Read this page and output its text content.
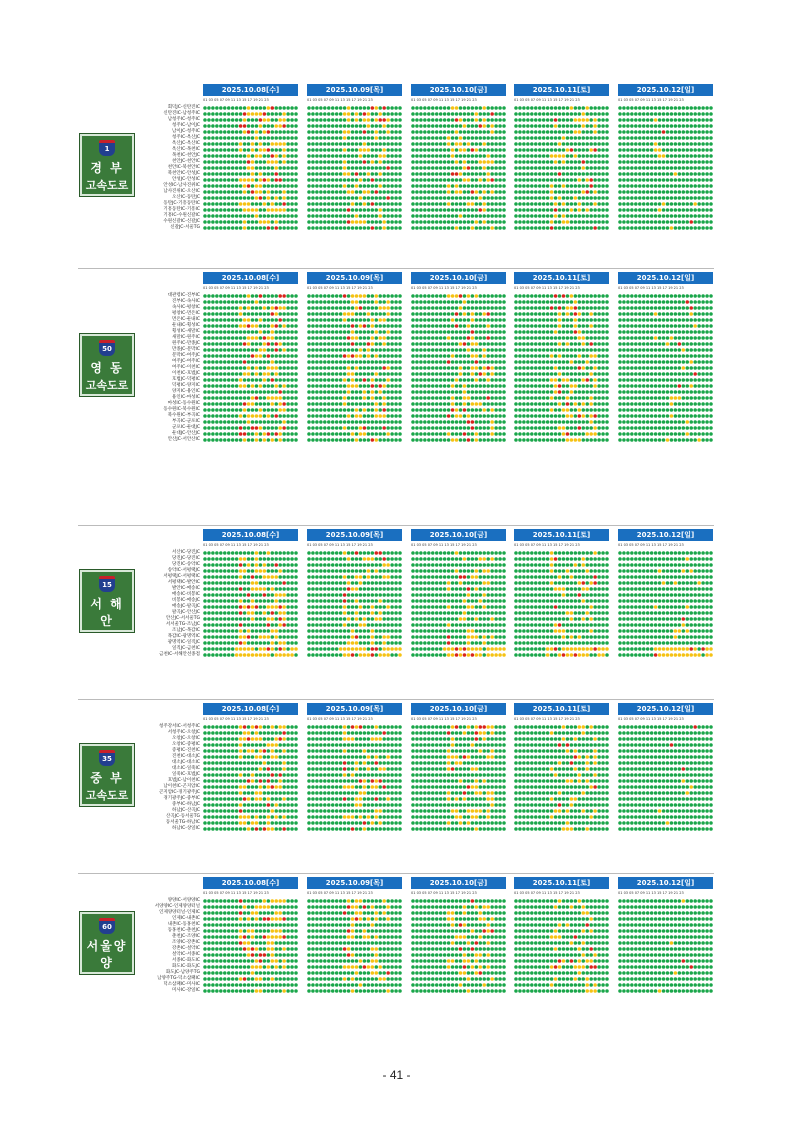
1
경 부
고속도로
회덕JC-신탄진IC
신탄진IC-남청주IC
남청주IC-청주IC
청주IC-남이JC
남이JC-청주IC
청주IC-옥산JC
옥산JC-옥산IC
옥산IC-목천IC
목천IC-천안JC
천안JC-천안IC
천안IC-북천안IC
북천안IC-안성JC
안성JC-안성IC
안성IC-남사진위IC
남사진위IC-오산IC
오산IC-동탄JC
동탄JC-기흥동탄IC
기흥동탄IC-기흥IC
기흥IC-수원신갈IC
수원신갈IC-신갈JC
신갈JC-서울TG
2025.10.08[수]
01 03 05 07 09 11 13 15 17 19 21 23
2025.10.09[목]
01 03 05 07 09 11 13 15 17 19 21 23
2025.10.10[금]
01 03 05 07 09 11 13 15 17 19 21 23
2025.10.11[토]
01 03 05 07 09 11 13 15 17 19 21 23
2025.10.12[일]
01 03 05 07 09 11 13 15 17 19 21 23
50
영 동
고속도로
대관령IC-진부IC
진부IC-속사IC
속사IC-평창IC
평창IC-면온IC
면온IC-둔내IC
둔내IC-횡성IC
횡성IC-새말IC
새말IC-원주IC
원주IC-만종JC
만종JC-문막IC
문막IC-여주JC
여주JC-여주IC
여주IC-이천IC
이천IC-호법JC
호법JC-덕평IC
덕평IC-양지IC
양지IC-용인IC
용인IC-마성IC
마성IC-동수원IC
동수원IC-북수원IC
북수원IC-부곡IC
부곡IC-군포IC
군포IC-둔대JC
둔대JC-안산JC
안산JC-서안산IC
2025.10.08[수]
01 03 05 07 09 11 13 15 17 19 21 23
2025.10.09[목]
01 03 05 07 09 11 13 15 17 19 21 23
2025.10.10[금]
01 03 05 07 09 11 13 15 17 19 21 23
2025.10.11[토]
01 03 05 07 09 11 13 15 17 19 21 23
2025.10.12[일]
01 03 05 07 09 11 13 15 17 19 21 23
15
서 해 안
고속도로
서산IC-당진JC
당진JC-당진IC
당진IC-송악IC
송악IC-서평택JC
서평택JC-서평택IC
서평택IC-발안IC
발안IC-매송IC
매송IC-비봉IC
비봉IC-매송JC
매송JC-팔곡JC
팔곡JC-안산JC
안산JC-서서울TG
서서울TG-조남JC
조남JC-목감IC
목감IC-광명역IC
광명역IC-일직JC
일직JC-금천IC
금천IC-서해안선종점
2025.10.08[수]
01 03 05 07 09 11 13 15 17 19 21 23
2025.10.09[목]
01 03 05 07 09 11 13 15 17 19 21 23
2025.10.10[금]
01 03 05 07 09 11 13 15 17 19 21 23
2025.10.11[토]
01 03 05 07 09 11 13 15 17 19 21 23
2025.10.12[일]
01 03 05 07 09 11 13 15 17 19 21 23
35
중 부
고속도로
청주강서IC-서청주IC
서청주IC-오창JC
오창JC-오창IC
오창IC-증평IC
증평IC-진천IC
진천IC-대소JC
대소JC-대소IC
대소IC-일죽IC
일죽IC-호법JC
호법JC-남이천IC
남이천IC-곤지암IC
곤지암IC-경기광주JC
경기광주JC-중부IC
중부IC-하남JC
하남JC-산곡JC
산곡JC-동서울TG
동서울TG-하남IC
하남IC-상일IC
2025.10.08[수]
01 03 05 07 09 11 13 15 17 19 21 23
2025.10.09[목]
01 03 05 07 09 11 13 15 17 19 21 23
2025.10.10[금]
01 03 05 07 09 11 13 15 17 19 21 23
2025.10.11[토]
01 03 05 07 09 11 13 15 17 19 21 23
2025.10.12[일]
01 03 05 07 09 11 13 15 17 19 21 23
60
서울양양
고속도로
양양IC-서양양IC
서양양IC-인제양양터널
인제양양터널-인제IC
인제IC-내촌IC
내촌IC-동홍천IC
동홍천IC-춘천JC
춘천JC-조양IC
조양IC-강촌IC
강촌IC-설악IC
설악IC-서종IC
서종IC-화도IC
화도IC-화도JC
화도JC-남양주TG
남양주TG-덕소삼패IC
덕소삼패IC-미사IC
미사IC-강일IC
2025.10.08[수]
01 03 05 07 09 11 13 15 17 19 21 23
2025.10.09[목]
01 03 05 07 09 11 13 15 17 19 21 23
2025.10.10[금]
01 03 05 07 09 11 13 15 17 19 21 23
2025.10.11[토]
01 03 05 07 09 11 13 15 17 19 21 23
2025.10.12[일]
01 03 05 07 09 11 13 15 17 19 21 23
- 41 -
